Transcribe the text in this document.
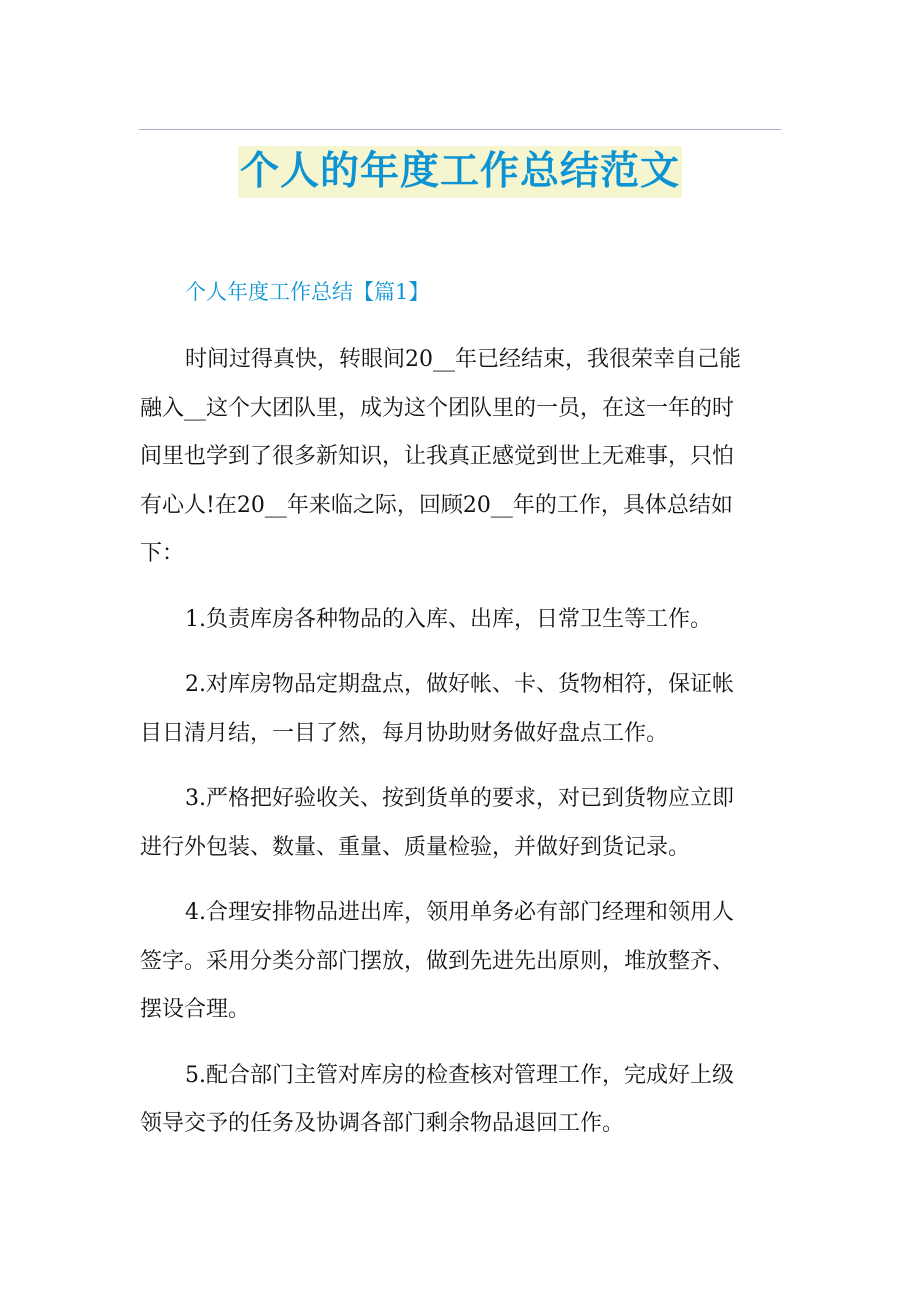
个人的年度工作总结范文
个人年度工作总结【篇1】
时间过得真快，转眼间20__年已经结束，我很荣幸自己能
融入__这个大团队里，成为这个团队里的一员，在这一年的时
间里也学到了很多新知识，让我真正感觉到世上无难事，只怕
有心人!在20__年来临之际，回顾20__年的工作，具体总结如
下：
1.负责库房各种物品的入库、出库，日常卫生等工作。
2.对库房物品定期盘点，做好帐、卡、货物相符，保证帐
目日清月结，一目了然，每月协助财务做好盘点工作。
3.严格把好验收关、按到货单的要求，对已到货物应立即
进行外包装、数量、重量、质量检验，并做好到货记录。
4.合理安排物品进出库，领用单务必有部门经理和领用人
签字。采用分类分部门摆放，做到先进先出原则，堆放整齐、
摆设合理。
5.配合部门主管对库房的检查核对管理工作，完成好上级
领导交予的任务及协调各部门剩余物品退回工作。
